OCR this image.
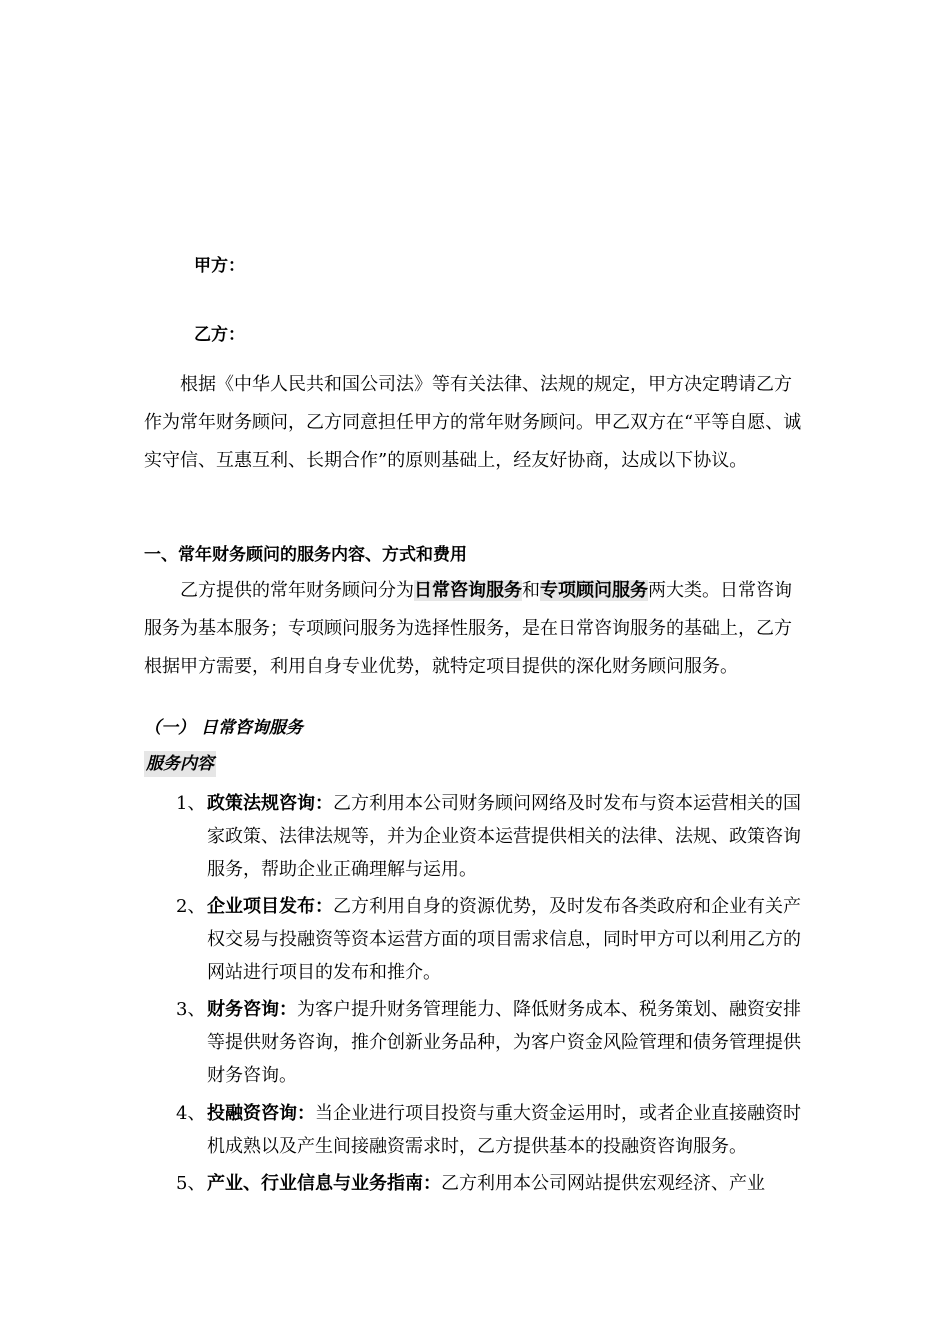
甲方：
乙方：

根据《中华人民共和国公司法》等有关法律、法规的规定，甲方决定聘请乙方作为常年财务顾问，乙方同意担任甲方的常年财务顾问。甲乙双方在“平等自愿、诚实守信、互惠互利、长期合作”的原则基础上，经友好协商，达成以下协议。

一、常年财务顾问的服务内容、方式和费用

乙方提供的常年财务顾问分为日常咨询服务和专项顾问服务两大类。日常咨询服务为基本服务；专项顾问服务为选择性服务，是在日常咨询服务的基础上，乙方根据甲方需要，利用自身专业优势，就特定项目提供的深化财务顾问服务。

（一） 日常咨询服务
服务内容
1、 政策法规咨询：乙方利用本公司财务顾问网络及时发布与资本运营相关的国家政策、法律法规等，并为企业资本运营提供相关的法律、法规、政策咨询服务，帮助企业正确理解与运用。
2、 企业项目发布：乙方利用自身的资源优势，及时发布各类政府和企业有关产权交易与投融资等资本运营方面的项目需求信息，同时甲方可以利用乙方的网站进行项目的发布和推介。
3、 财务咨询：为客户提升财务管理能力、降低财务成本、税务策划、融资安排等提供财务咨询，推介创新业务品种，为客户资金风险管理和债务管理提供财务咨询。
4、 投融资咨询：当企业进行项目投资与重大资金运用时，或者企业直接融资时机成熟以及产生间接融资需求时，乙方提供基本的投融资咨询服务。
5、 产业、行业信息与业务指南：乙方利用本公司网站提供宏观经济、产业
